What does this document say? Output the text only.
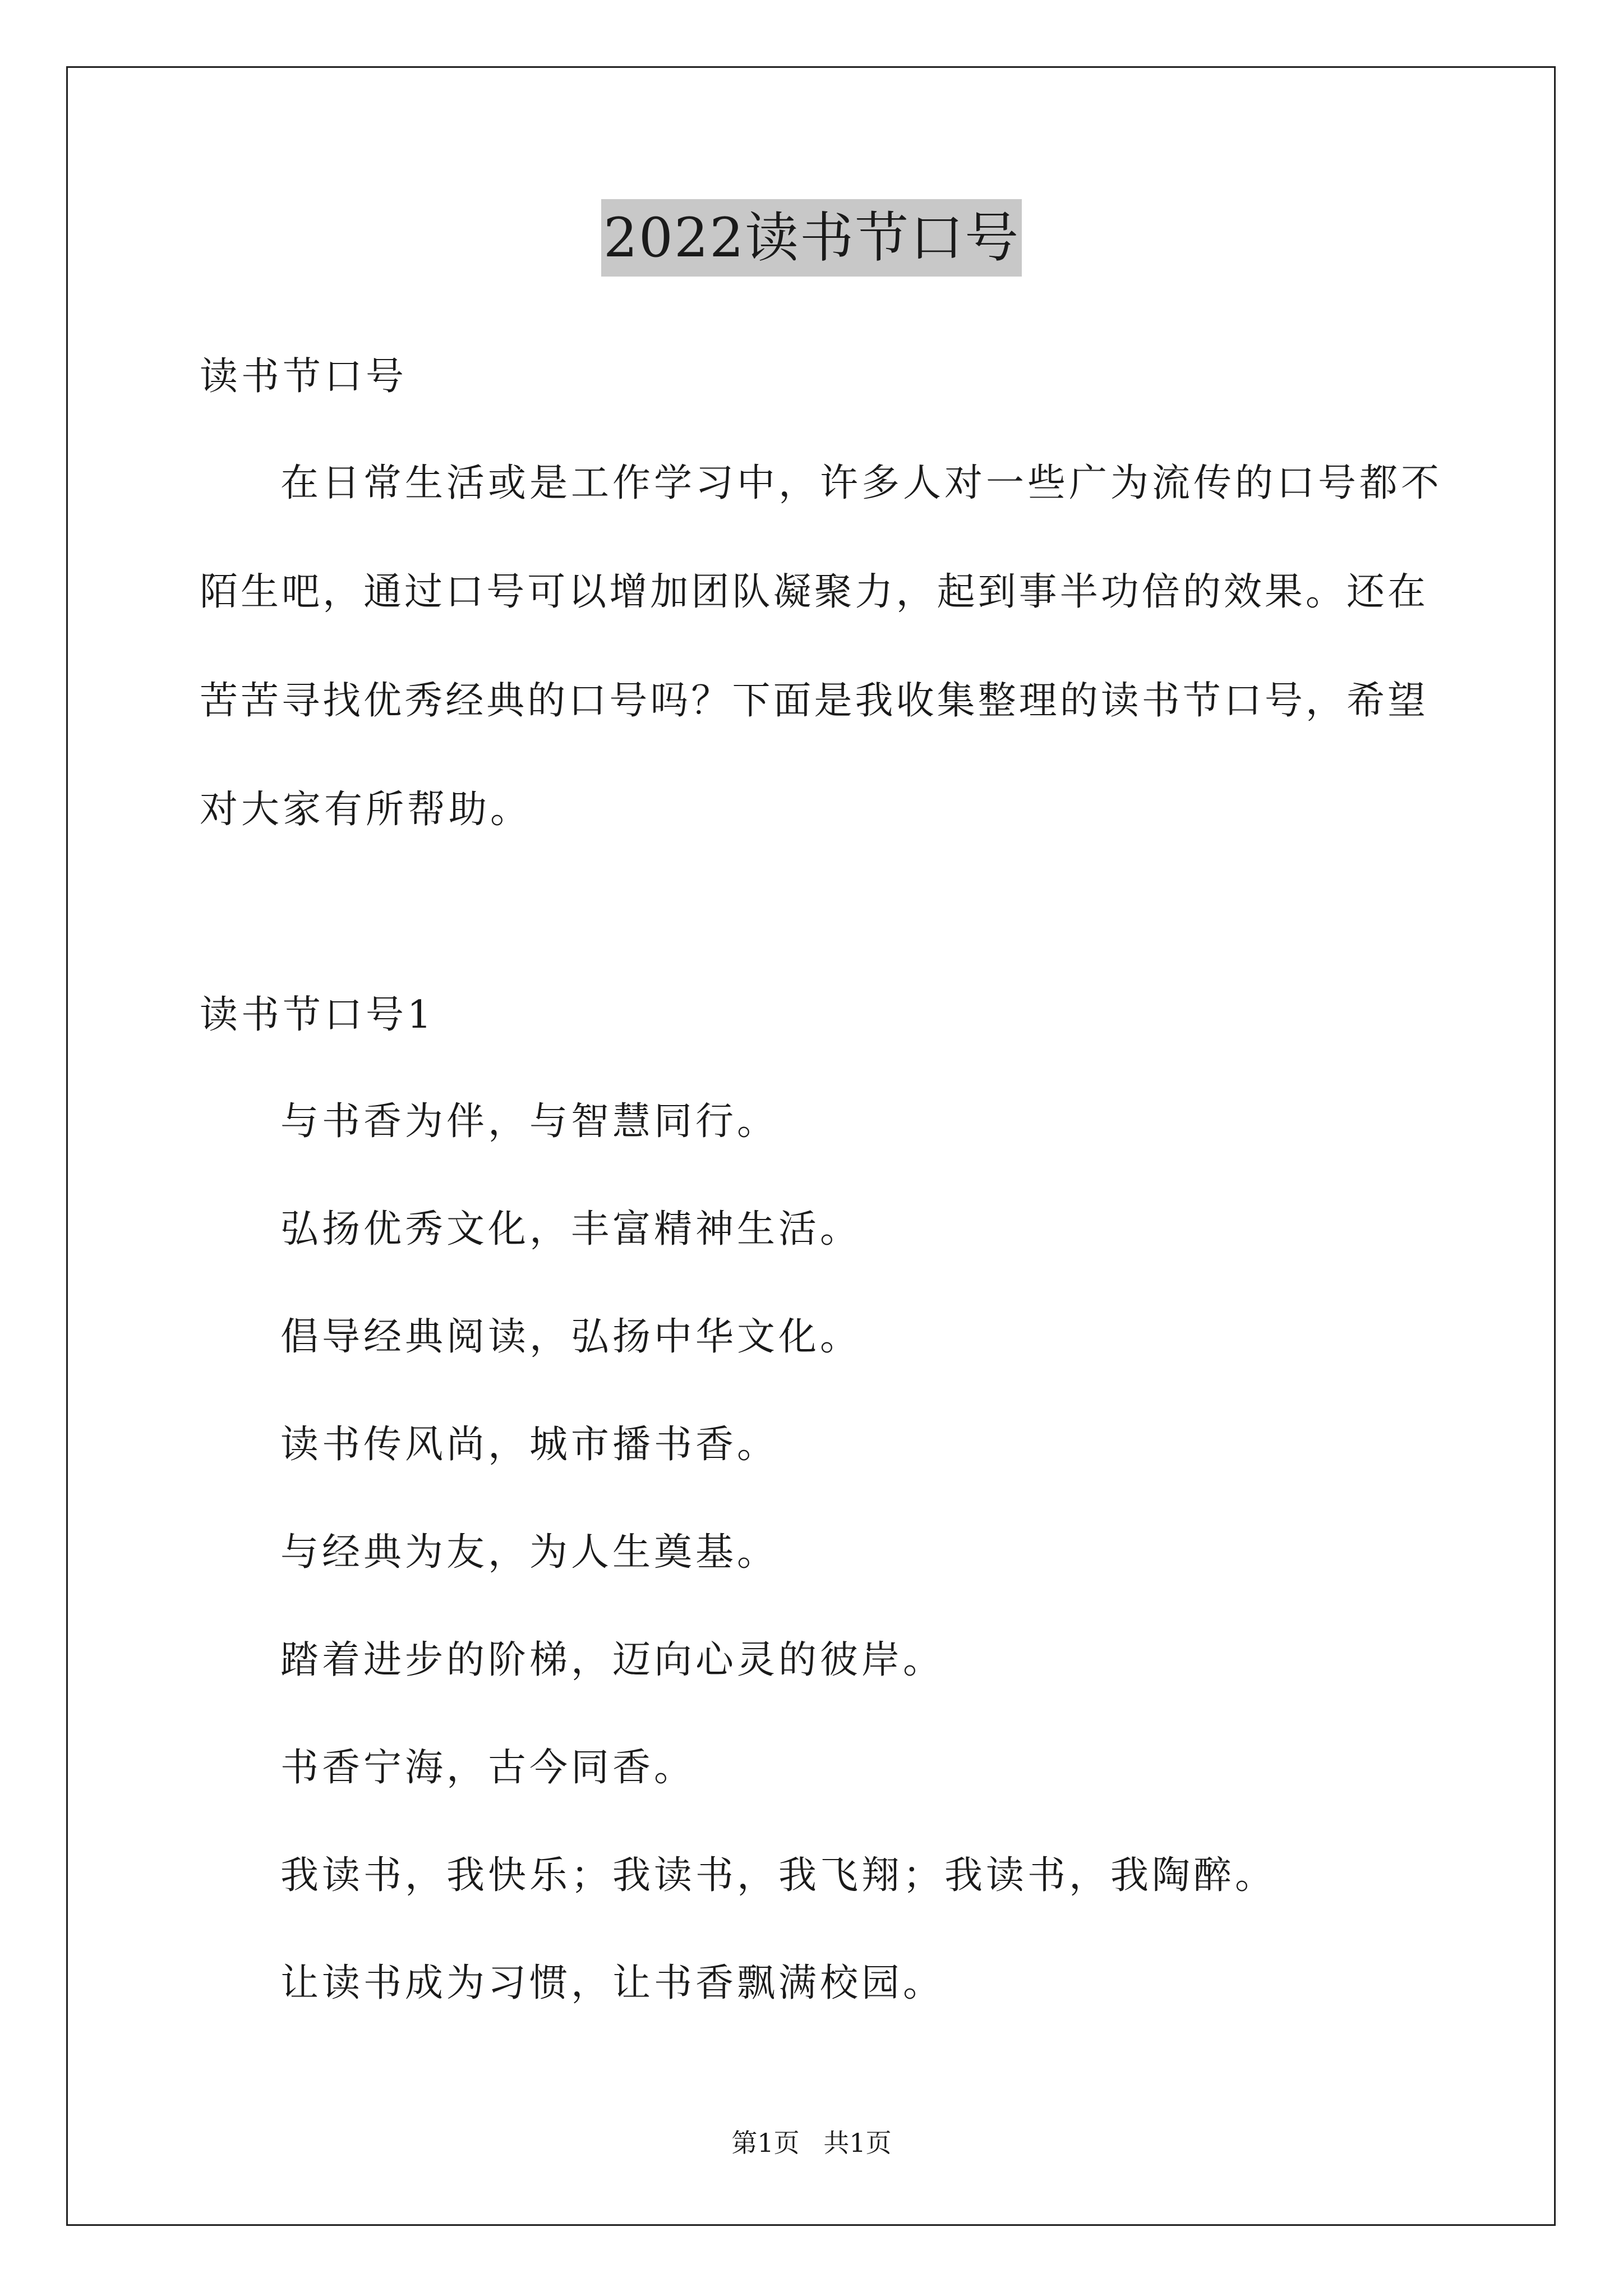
2022读书节口号
读书节口号
在日常生活或是工作学习中，许多人对一些广为流传的口号都不
陌生吧，通过口号可以增加团队凝聚力，起到事半功倍的效果。还在
苦苦寻找优秀经典的口号吗？下面是我收集整理的读书节口号，希望
对大家有所帮助。
读书节口号1
与书香为伴，与智慧同行。
弘扬优秀文化，丰富精神生活。
倡导经典阅读，弘扬中华文化。
读书传风尚，城市播书香。
与经典为友，为人生奠基。
踏着进步的阶梯，迈向心灵的彼岸。
书香宁海，古今同香。
我读书，我快乐；我读书，我飞翔；我读书，我陶醉。
让读书成为习惯，让书香飘满校园。
第1页 共1页
